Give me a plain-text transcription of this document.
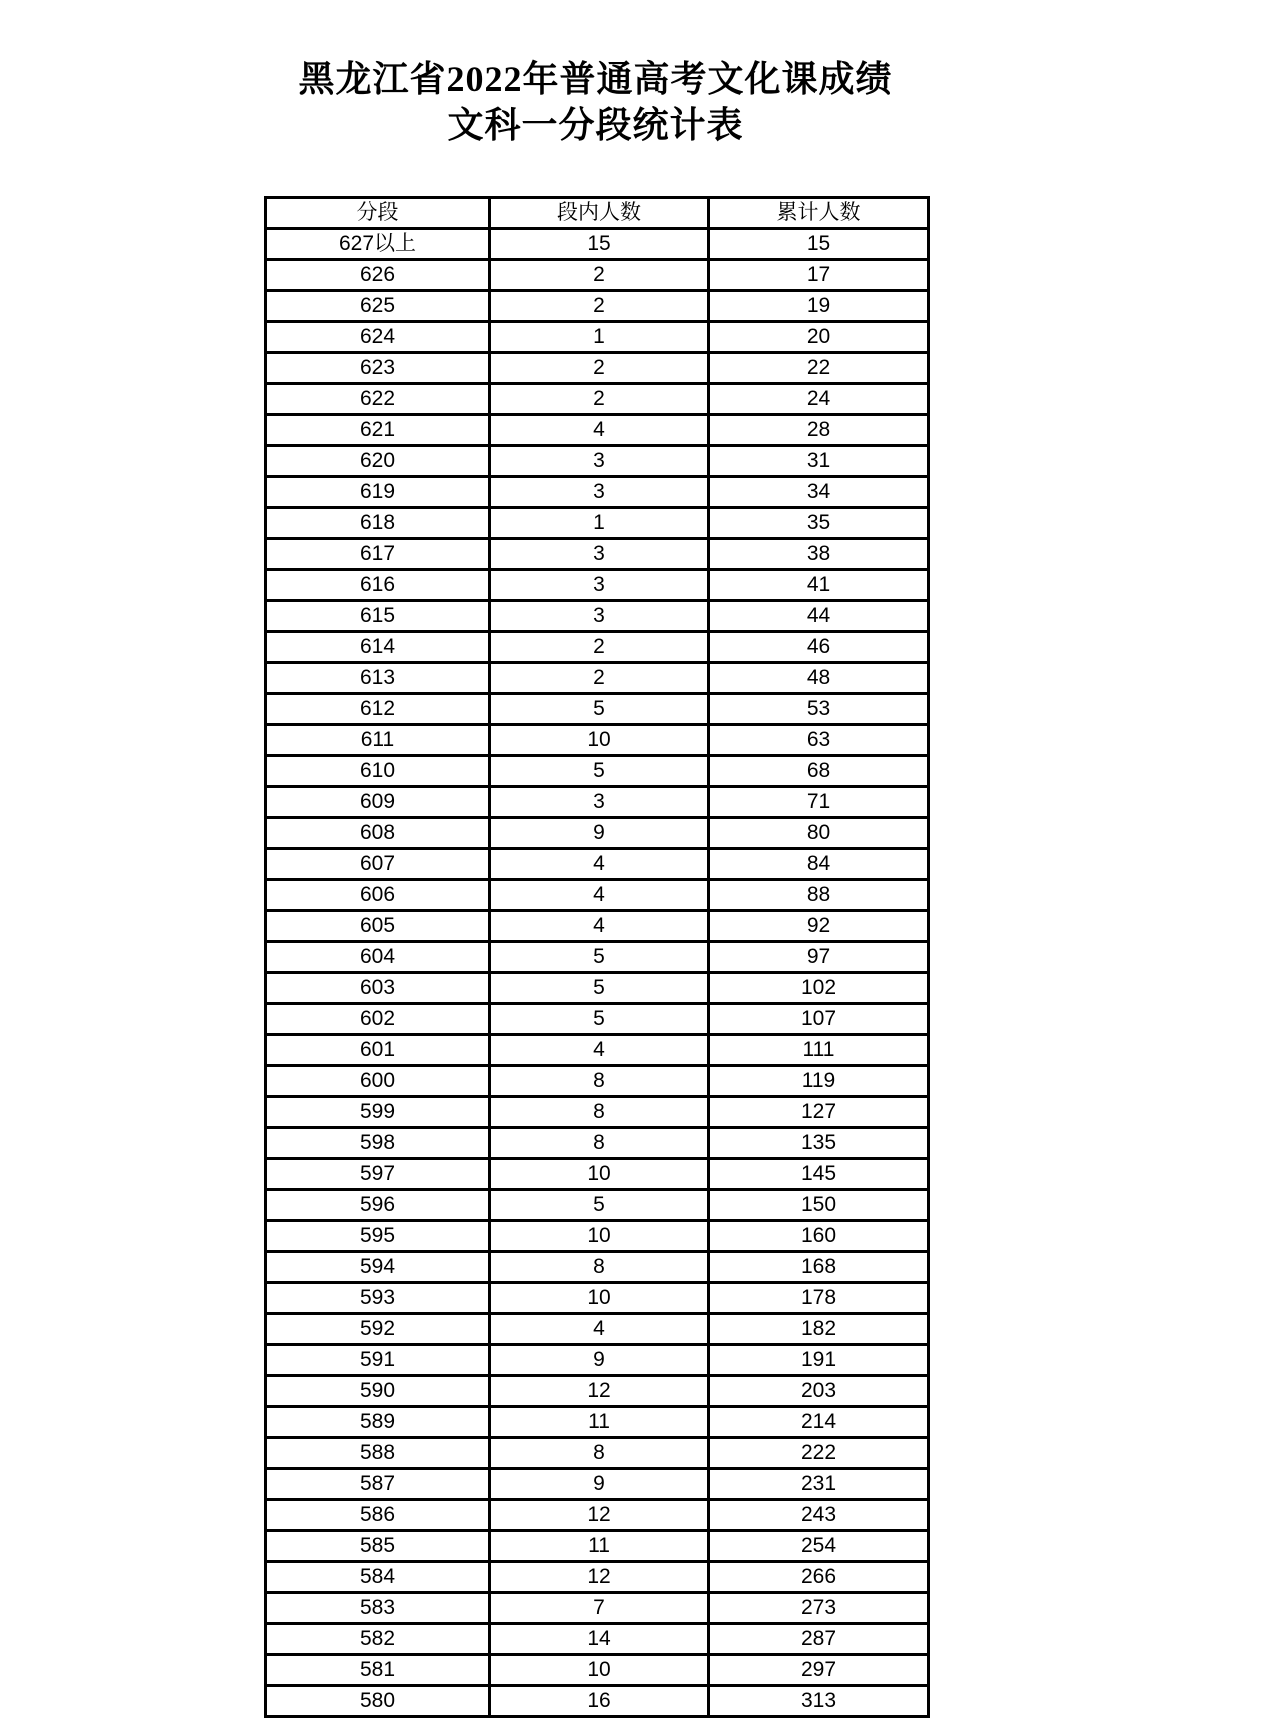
黑龙江省2022年普通高考文化课成绩
文科一分段统计表
分段	段内人数	累计人数
627以上	15	15
626	2	17
625	2	19
624	1	20
623	2	22
622	2	24
621	4	28
620	3	31
619	3	34
618	1	35
617	3	38
616	3	41
615	3	44
614	2	46
613	2	48
612	5	53
611	10	63
610	5	68
609	3	71
608	9	80
607	4	84
606	4	88
605	4	92
604	5	97
603	5	102
602	5	107
601	4	111
600	8	119
599	8	127
598	8	135
597	10	145
596	5	150
595	10	160
594	8	168
593	10	178
592	4	182
591	9	191
590	12	203
589	11	214
588	8	222
587	9	231
586	12	243
585	11	254
584	12	266
583	7	273
582	14	287
581	10	297
580	16	313
